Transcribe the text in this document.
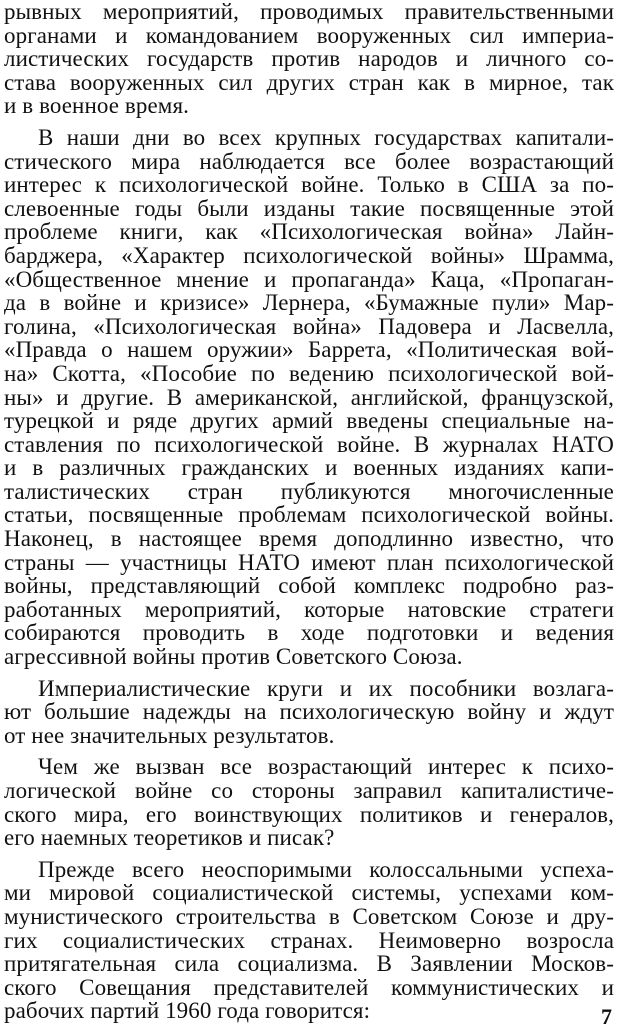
рывных мероприятий, проводимых правительственными
органами и командованием вооруженных сил империа-
листических государств против народов и личного со-
става вооруженных сил других стран как в мирное, так
и в военное время.
В наши дни во всех крупных государствах капитали-
стического мира наблюдается все более возрастающий
интерес к психологической войне. Только в США за по-
слевоенные годы были изданы такие посвященные этой
проблеме книги, как «Психологическая война» Лайн-
барджера, «Характер психологической войны» Шрамма,
«Общественное мнение и пропаганда» Каца, «Пропаган-
да в войне и кризисе» Лернера, «Бумажные пули» Мар-
голина, «Психологическая война» Падовера и Ласвелла,
«Правда о нашем оружии» Баррета, «Политическая вой-
на» Скотта, «Пособие по ведению психологической вой-
ны» и другие. В американской, английской, французской,
турецкой и ряде других армий введены специальные на-
ставления по психологической войне. В журналах НАТО
и в различных гражданских и военных изданиях капи-
талистических стран публикуются многочисленные
статьи, посвященные проблемам психологической войны.
Наконец, в настоящее время доподлинно известно, что
страны — участницы НАТО имеют план психологической
войны, представляющий собой комплекс подробно раз-
работанных мероприятий, которые натовские стратеги
собираются проводить в ходе подготовки и ведения
агрессивной войны против Советского Союза.
Империалистические круги и их пособники возлага-
ют большие надежды на психологическую войну и ждут
от нее значительных результатов.
Чем же вызван все возрастающий интерес к психо-
логической войне со стороны заправил капиталистиче-
ского мира, его воинствующих политиков и генералов,
его наемных теоретиков и писак?
Прежде всего неоспоримыми колоссальными успеха-
ми мировой социалистической системы, успехами ком-
мунистического строительства в Советском Союзе и дру-
гих социалистических странах. Неимоверно возросла
притягательная сила социализма. В Заявлении Москов-
ского Совещания представителей коммунистических и
рабочих партий 1960 года говорится:	7
